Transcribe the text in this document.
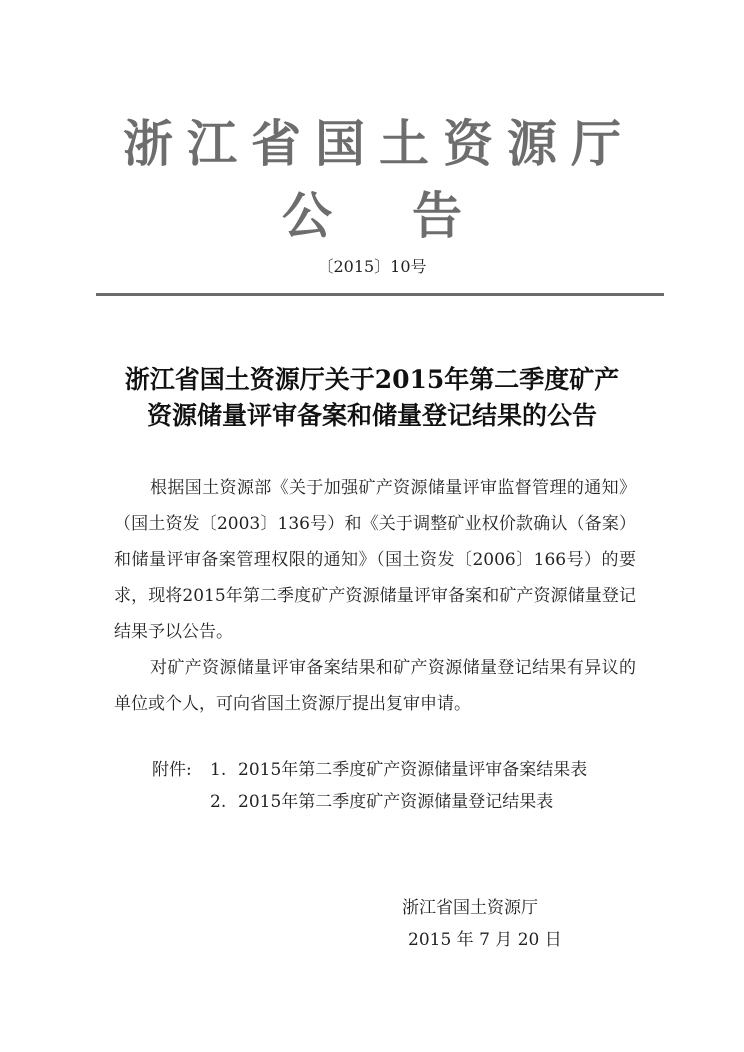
浙江省国土资源厅
公告
〔2015〕10号
浙江省国土资源厅关于2015年第二季度矿产
资源储量评审备案和储量登记结果的公告

根据国土资源部《关于加强矿产资源储量评审监督管理的通知》（国土资发〔2003〕136号）和《关于调整矿业权价款确认（备案）和储量评审备案管理权限的通知》（国土资发〔2006〕166号）的要求，现将2015年第二季度矿产资源储量评审备案和矿产资源储量登记结果予以公告。

对矿产资源储量评审备案结果和矿产资源储量登记结果有异议的单位或个人，可向省国土资源厅提出复审申请。

附件:	1. 2015年第二季度矿产资源储量评审备案结果表
2. 2015年第二季度矿产资源储量登记结果表
浙江省国土资源厅
2015 年 7 月 20 日
